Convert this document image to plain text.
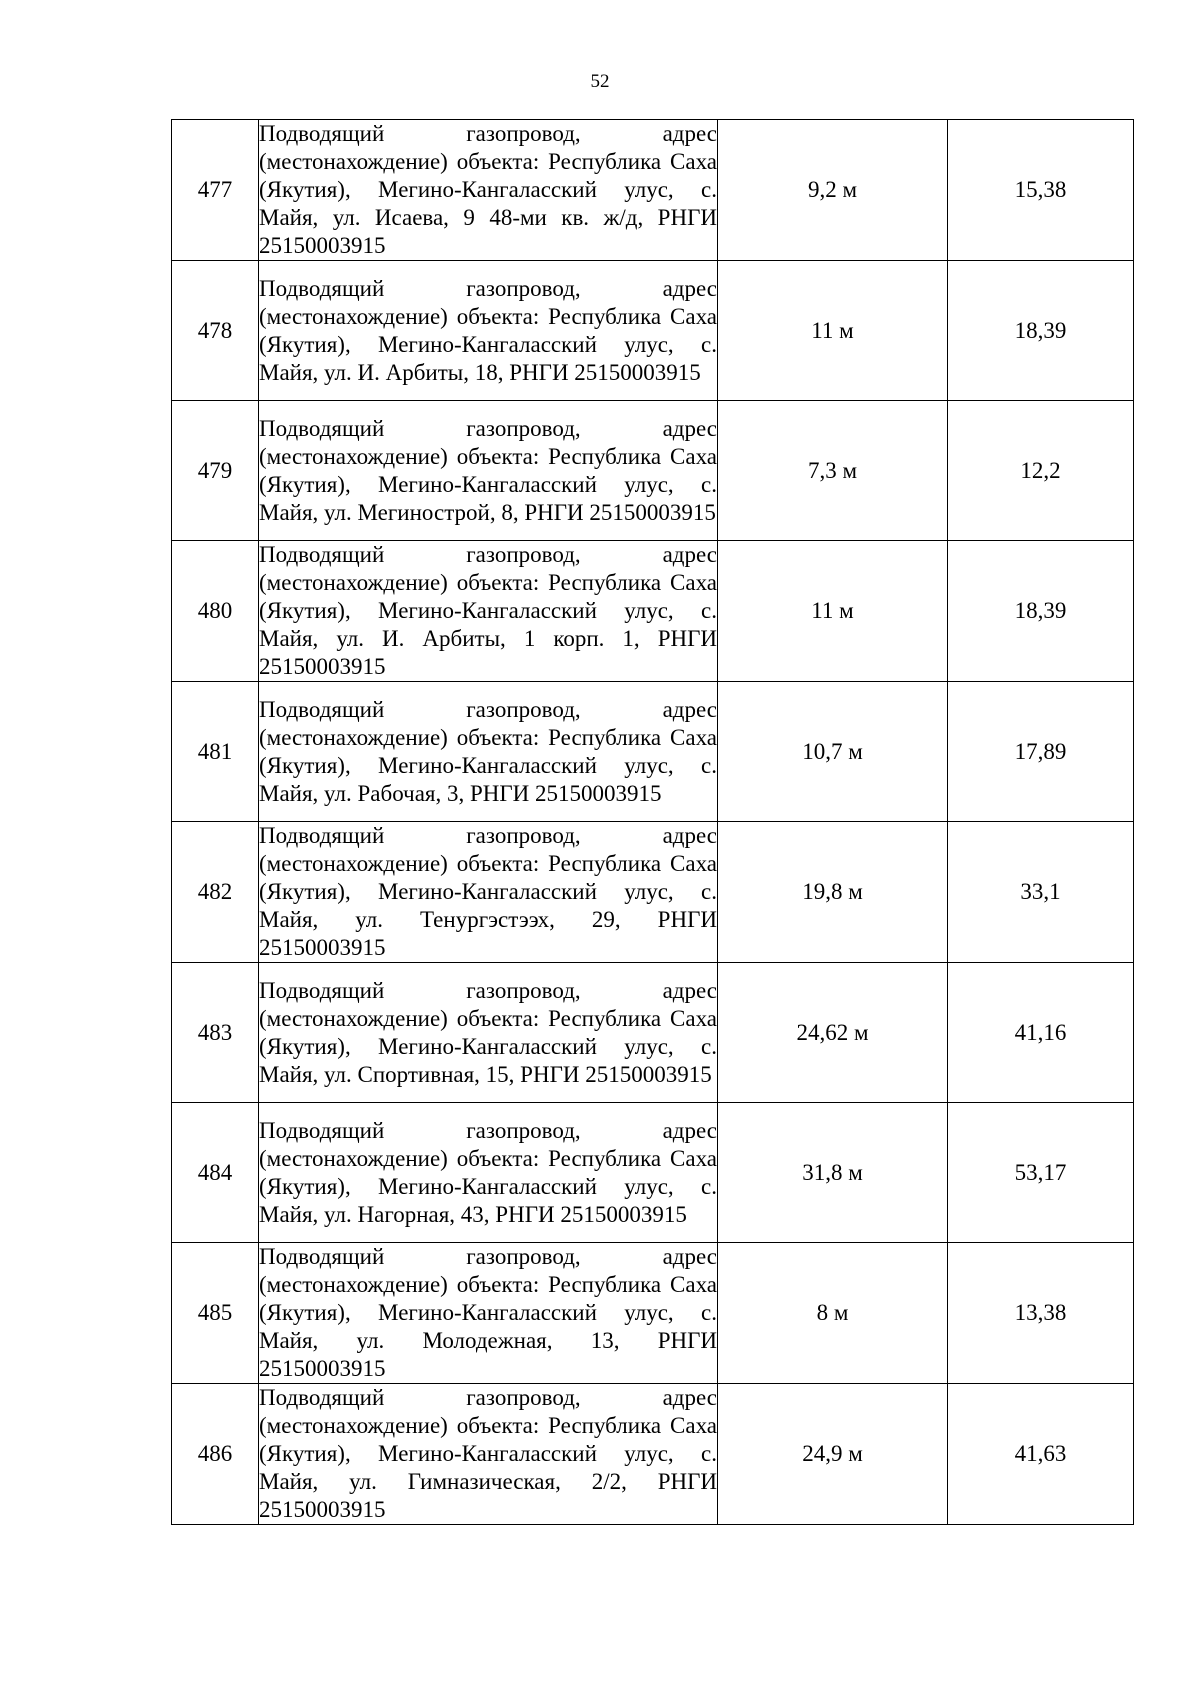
52
477	Подводящий газопровод, адрес (местонахождение) объекта: Республика Саха (Якутия), Мегино-Кангаласский улус, с. Майя, ул. Исаева, 9 48-ми кв. ж/д, РНГИ 25150003915	9,2 м	15,38
478	Подводящий газопровод, адрес (местонахождение) объекта: Республика Саха (Якутия), Мегино-Кангаласский улус, с. Майя, ул. И. Арбиты, 18, РНГИ 25150003915	11 м	18,39
479	Подводящий газопровод, адрес (местонахождение) объекта: Республика Саха (Якутия), Мегино-Кангаласский улус, с. Майя, ул. Мегинострой, 8, РНГИ 25150003915	7,3 м	12,2
480	Подводящий газопровод, адрес (местонахождение) объекта: Республика Саха (Якутия), Мегино-Кангаласский улус, с. Майя, ул. И. Арбиты, 1 корп. 1, РНГИ 25150003915	11 м	18,39
481	Подводящий газопровод, адрес (местонахождение) объекта: Республика Саха (Якутия), Мегино-Кангаласский улус, с. Майя, ул. Рабочая, 3, РНГИ 25150003915	10,7 м	17,89
482	Подводящий газопровод, адрес (местонахождение) объекта: Республика Саха (Якутия), Мегино-Кангаласский улус, с. Майя, ул. Тенургэстээх, 29, РНГИ 25150003915	19,8 м	33,1
483	Подводящий газопровод, адрес (местонахождение) объекта: Республика Саха (Якутия), Мегино-Кангаласский улус, с. Майя, ул. Спортивная, 15, РНГИ 25150003915	24,62 м	41,16
484	Подводящий газопровод, адрес (местонахождение) объекта: Республика Саха (Якутия), Мегино-Кангаласский улус, с. Майя, ул. Нагорная, 43, РНГИ 25150003915	31,8 м	53,17
485	Подводящий газопровод, адрес (местонахождение) объекта: Республика Саха (Якутия), Мегино-Кангаласский улус, с. Майя, ул. Молодежная, 13, РНГИ 25150003915	8 м	13,38
486	Подводящий газопровод, адрес (местонахождение) объекта: Республика Саха (Якутия), Мегино-Кангаласский улус, с. Майя, ул. Гимназическая, 2/2, РНГИ 25150003915	24,9 м	41,63
